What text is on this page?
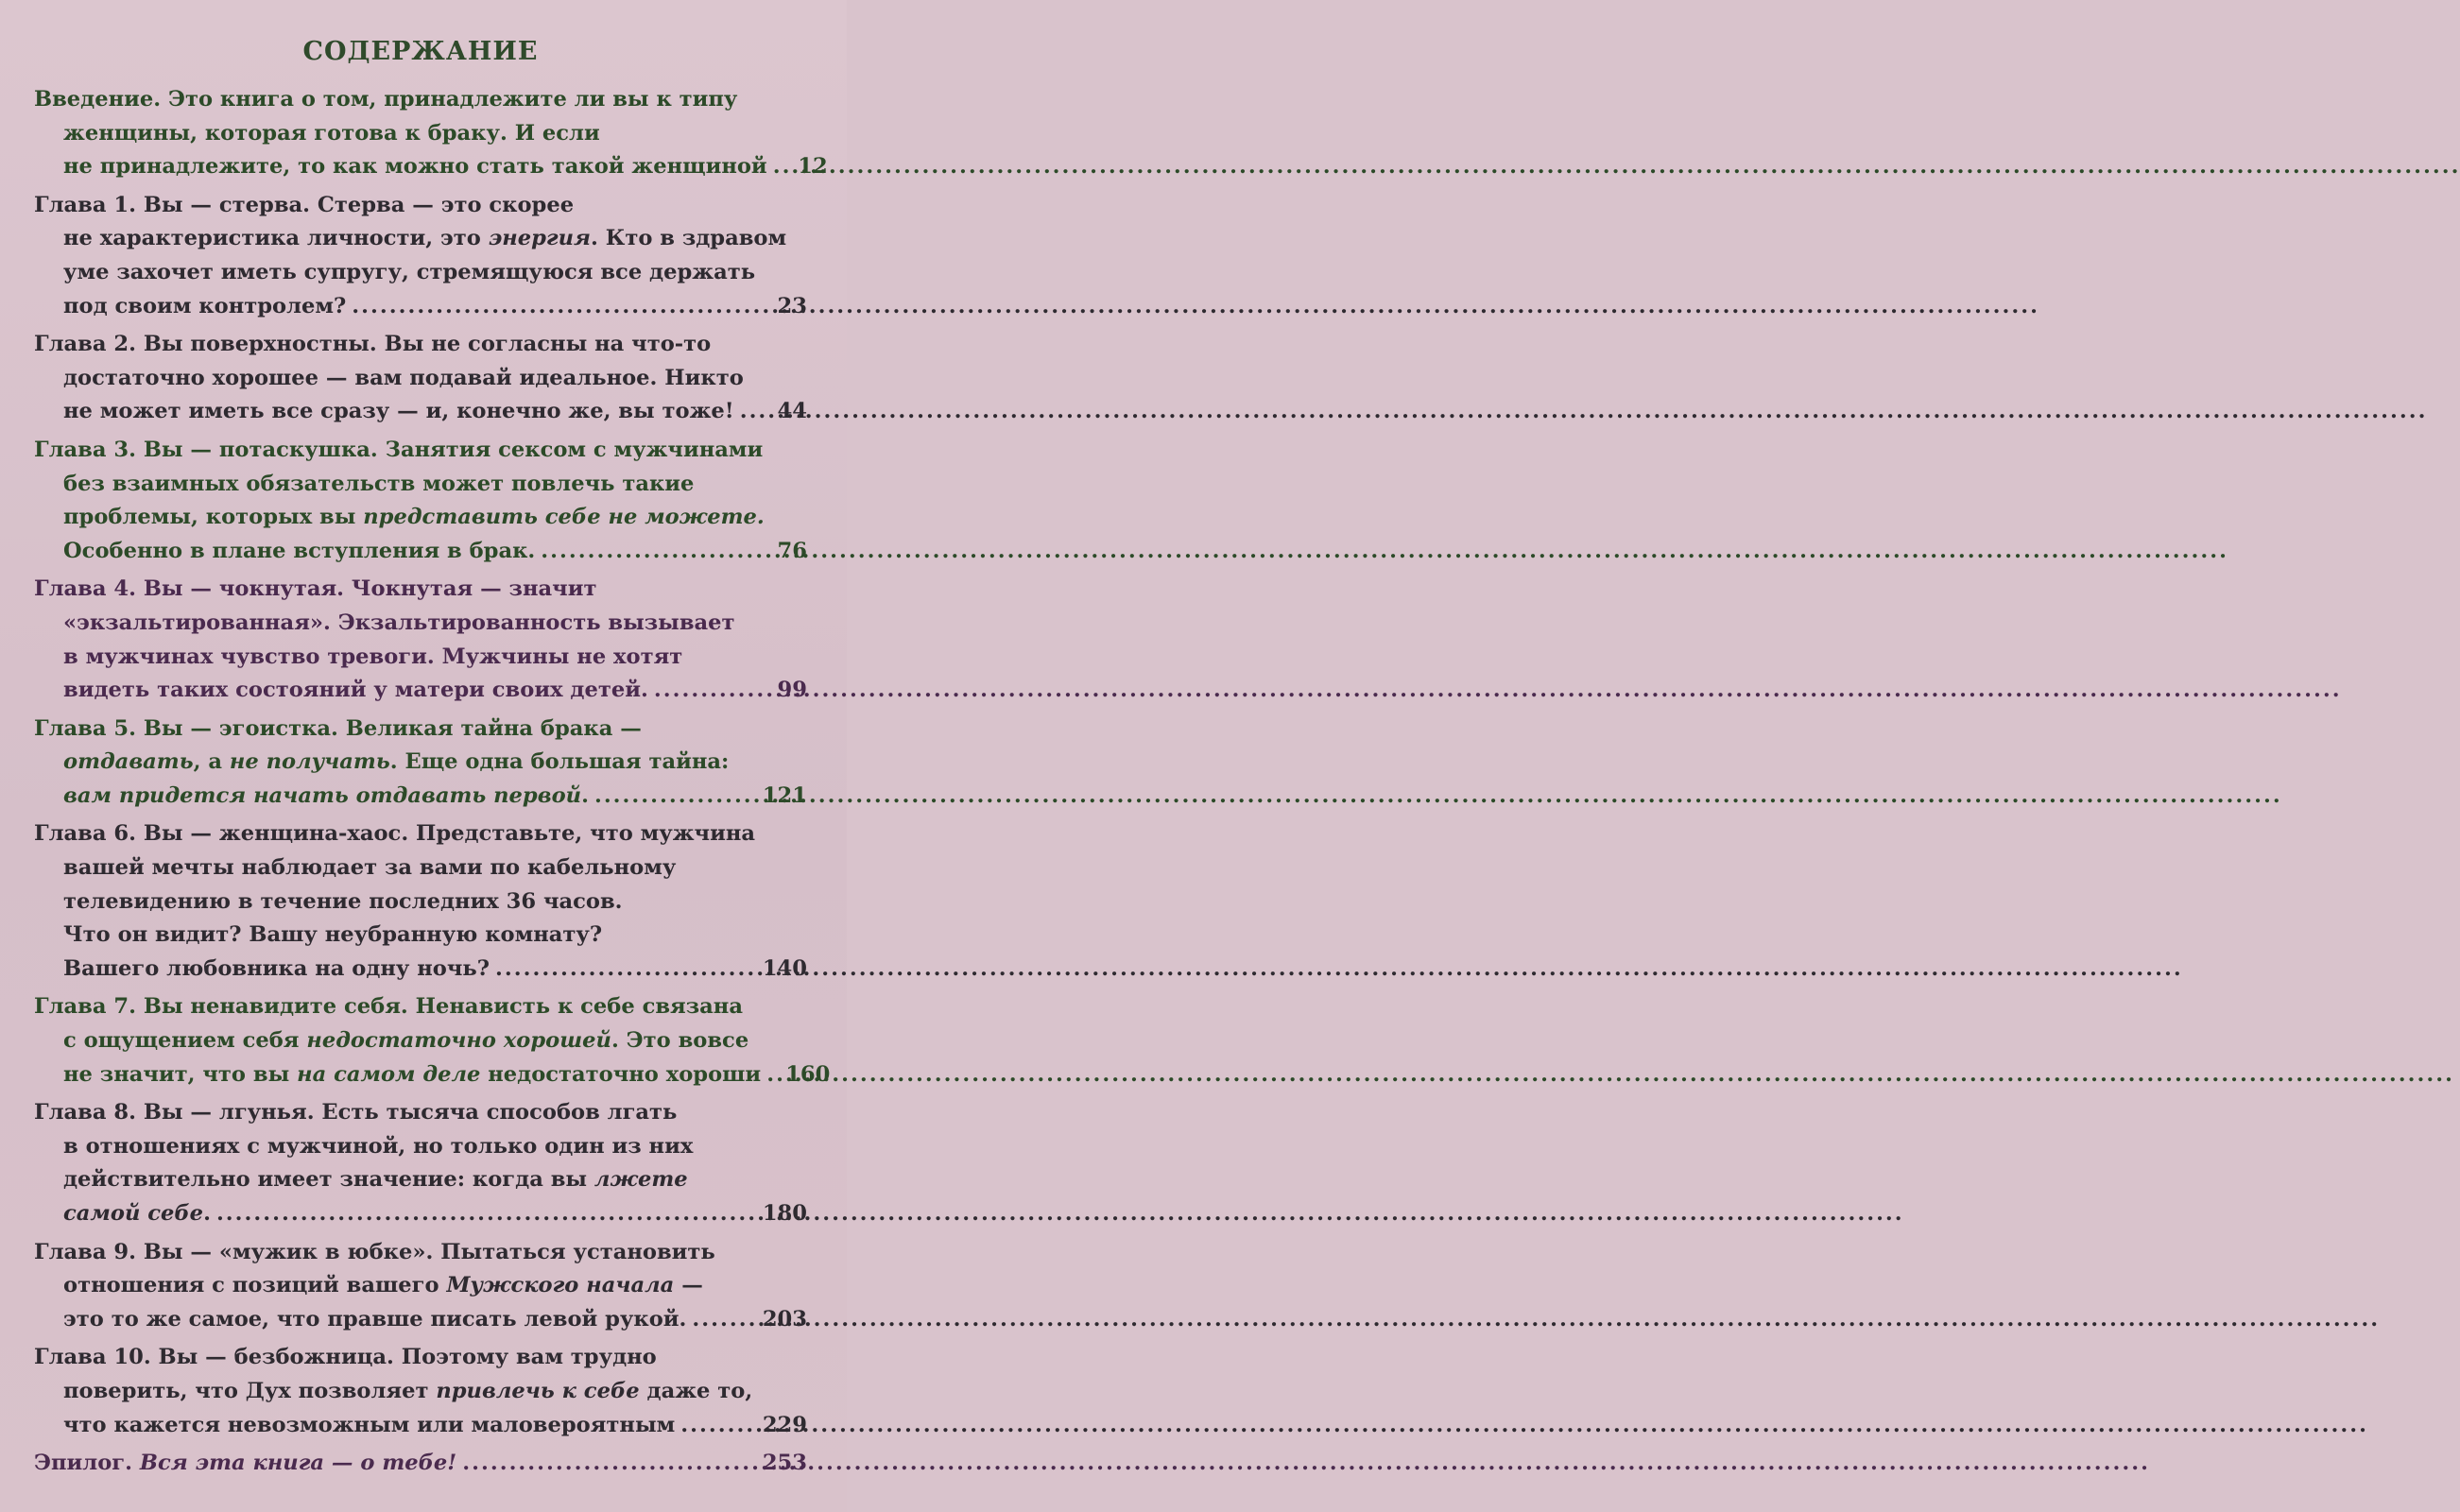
СОДЕРЖАНИЕ
Введение. Это книга о том, принадлежите ли вы к типу
женщины, которая готова к браку. И если
не принадлежите, то как можно стать такой женщиной ..... 12
Глава 1. Вы — стерва. Стерва — это скорее
не характеристика личности, это энергия. Кто в здравом
уме захочет иметь супругу, стремящуюся все держать
под своим контролем? .....	23
Глава 2. Вы поверхностны. Вы не согласны на что-то
достаточно хорошее — вам подавай идеальное. Никто
не может иметь все сразу — и, конечно же, вы тоже! ..... 44
Глава 3. Вы — потаскушка. Занятия сексом с мужчинами
без взаимных обязательств может повлечь такие
проблемы, которых вы представить себе не можете.
Особенно в плане вступления в брак. .....	76
Глава 4. Вы — чокнутая. Чокнутая — значит
«экзальтированная». Экзальтированность вызывает
в мужчинах чувство тревоги. Мужчины не хотят
видеть таких состояний у матери своих детей. .....	99
Глава 5. Вы — эгоистка. Великая тайна брака —
отдавать, а не получать. Еще одна большая тайна:
вам придется начать отдавать первой. .....	121
Глава 6. Вы — женщина-хаос. Представьте, что мужчина
вашей мечты наблюдает за вами по кабельному
телевидению в течение последних 36 часов.
Что он видит? Вашу неубранную комнату?
Вашего любовника на одну ночь? .....	140
Глава 7. Вы ненавидите себя. Ненависть к себе связана
с ощущением себя недостаточно хорошей. Это вовсе
не значит, что вы на самом деле недостаточно хороши ..... 160
Глава 8. Вы — лгунья. Есть тысяча способов лгать
в отношениях с мужчиной, но только один из них
действительно имеет значение: когда вы лжете
самой себе. .....	180
Глава 9. Вы — «мужик в юбке». Пытаться установить
отношения с позиций вашего Мужского начала —
это то же самое, что правше писать левой рукой. .....	203
Глава 10. Вы — безбожница. Поэтому вам трудно
поверить, что Дух позволяет привлечь к себе даже то,
что кажется невозможным или маловероятным .....	229
Эпилог. Вся эта книга — о тебе! .....	253
